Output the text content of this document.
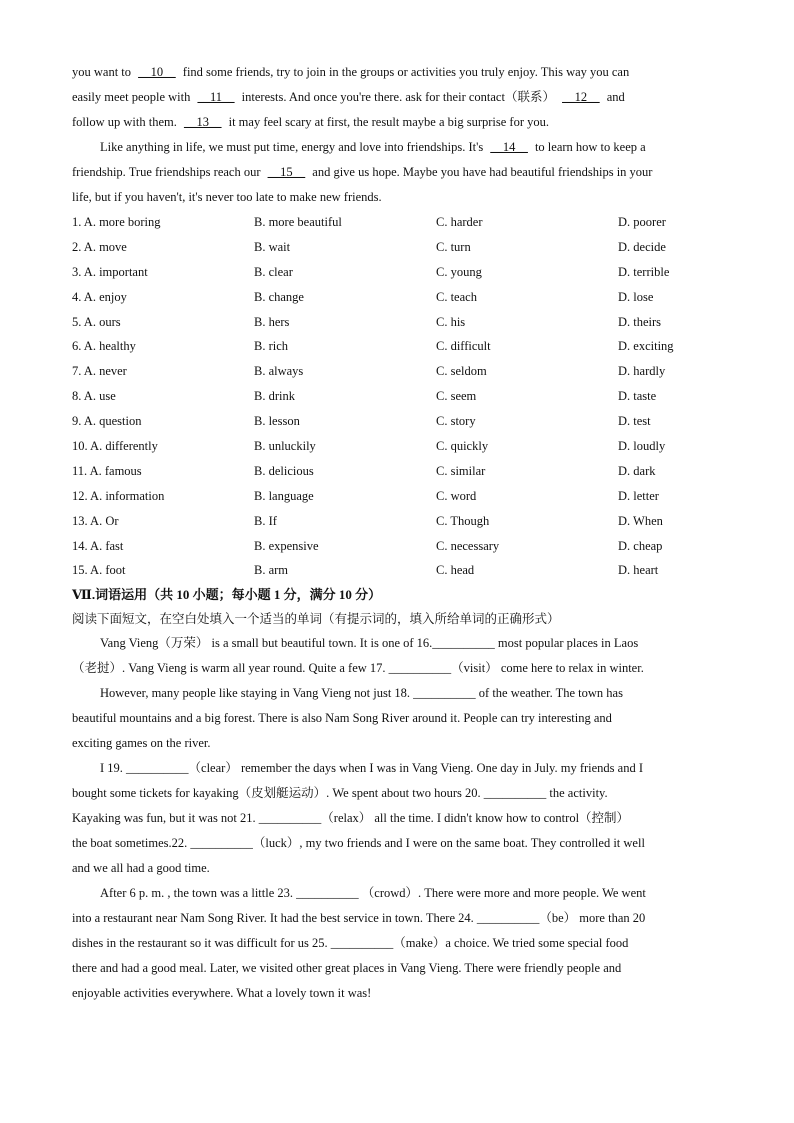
you want to __10__ find some friends, try to join in the groups or activities you truly enjoy. This way you can
easily meet people with __11__ interests. And once you're there. ask for their contact（联系） __12__ and
follow up with them. __13__ it may feel scary at first, the result maybe a big surprise for you.
Like anything in life, we must put time, energy and love into friendships. It's __14__ to learn how to keep a
friendship. True friendships reach our __15__ and give us hope. Maybe you have had beautiful friendships in your
life, but if you haven't, it's never too late to make new friends.
1. A. more boring	B. more beautiful	C. harder	D. poorer
2. A. move	B. wait	C. turn	D. decide
3. A. important	B. clear	C. young	D. terrible
4. A. enjoy	B. change	C. teach	D. lose
5. A. ours	B. hers	C. his	D. theirs
6. A. healthy	B. rich	C. difficult	D. exciting
7. A. never	B. always	C. seldom	D. hardly
8. A. use	B. drink	C. seem	D. taste
9. A. question	B. lesson	C. story	D. test
10. A. differently	B. unluckily	C. quickly	D. loudly
11. A. famous	B. delicious	C. similar	D. dark
12. A. information	B. language	C. word	D. letter
13. A. Or	B. If	C. Though	D. When
14. A. fast	B. expensive	C. necessary	D. cheap
15. A. foot	B. arm	C. head	D. heart
Ⅶ.词语运用（共 10 小题；每小题 1 分，满分 10 分）
阅读下面短文，在空白处填入一个适当的单词（有提示词的，填入所给单词的正确形式）
Vang Vieng（万荣） is a small but beautiful town. It is one of 16.__________ most popular places in Laos
（老挝）. Vang Vieng is warm all year round. Quite a few 17. __________（visit） come here to relax in winter.
However, many people like staying in Vang Vieng not just 18. __________ of the weather. The town has
beautiful mountains and a big forest. There is also Nam Song River around it. People can try interesting and
exciting games on the river.
I 19. __________（clear） remember the days when I was in Vang Vieng. One day in July. my friends and I
bought some tickets for kayaking（皮划艇运动）. We spent about two hours 20. __________ the activity.
Kayaking was fun, but it was not 21. __________（relax） all the time. I didn't know how to control（控制）
the boat sometimes.22. __________（luck）, my two friends and I were on the same boat. They controlled it well
and we all had a good time.
After 6 p. m. , the town was a little 23. __________ （crowd）. There were more and more people. We went
into a restaurant near Nam Song River. It had the best service in town. There 24. __________（be） more than 20
dishes in the restaurant so it was difficult for us 25. __________（make）a choice. We tried some special food
there and had a good meal. Later, we visited other great places in Vang Vieng. There were friendly people and
enjoyable activities everywhere. What a lovely town it was!
